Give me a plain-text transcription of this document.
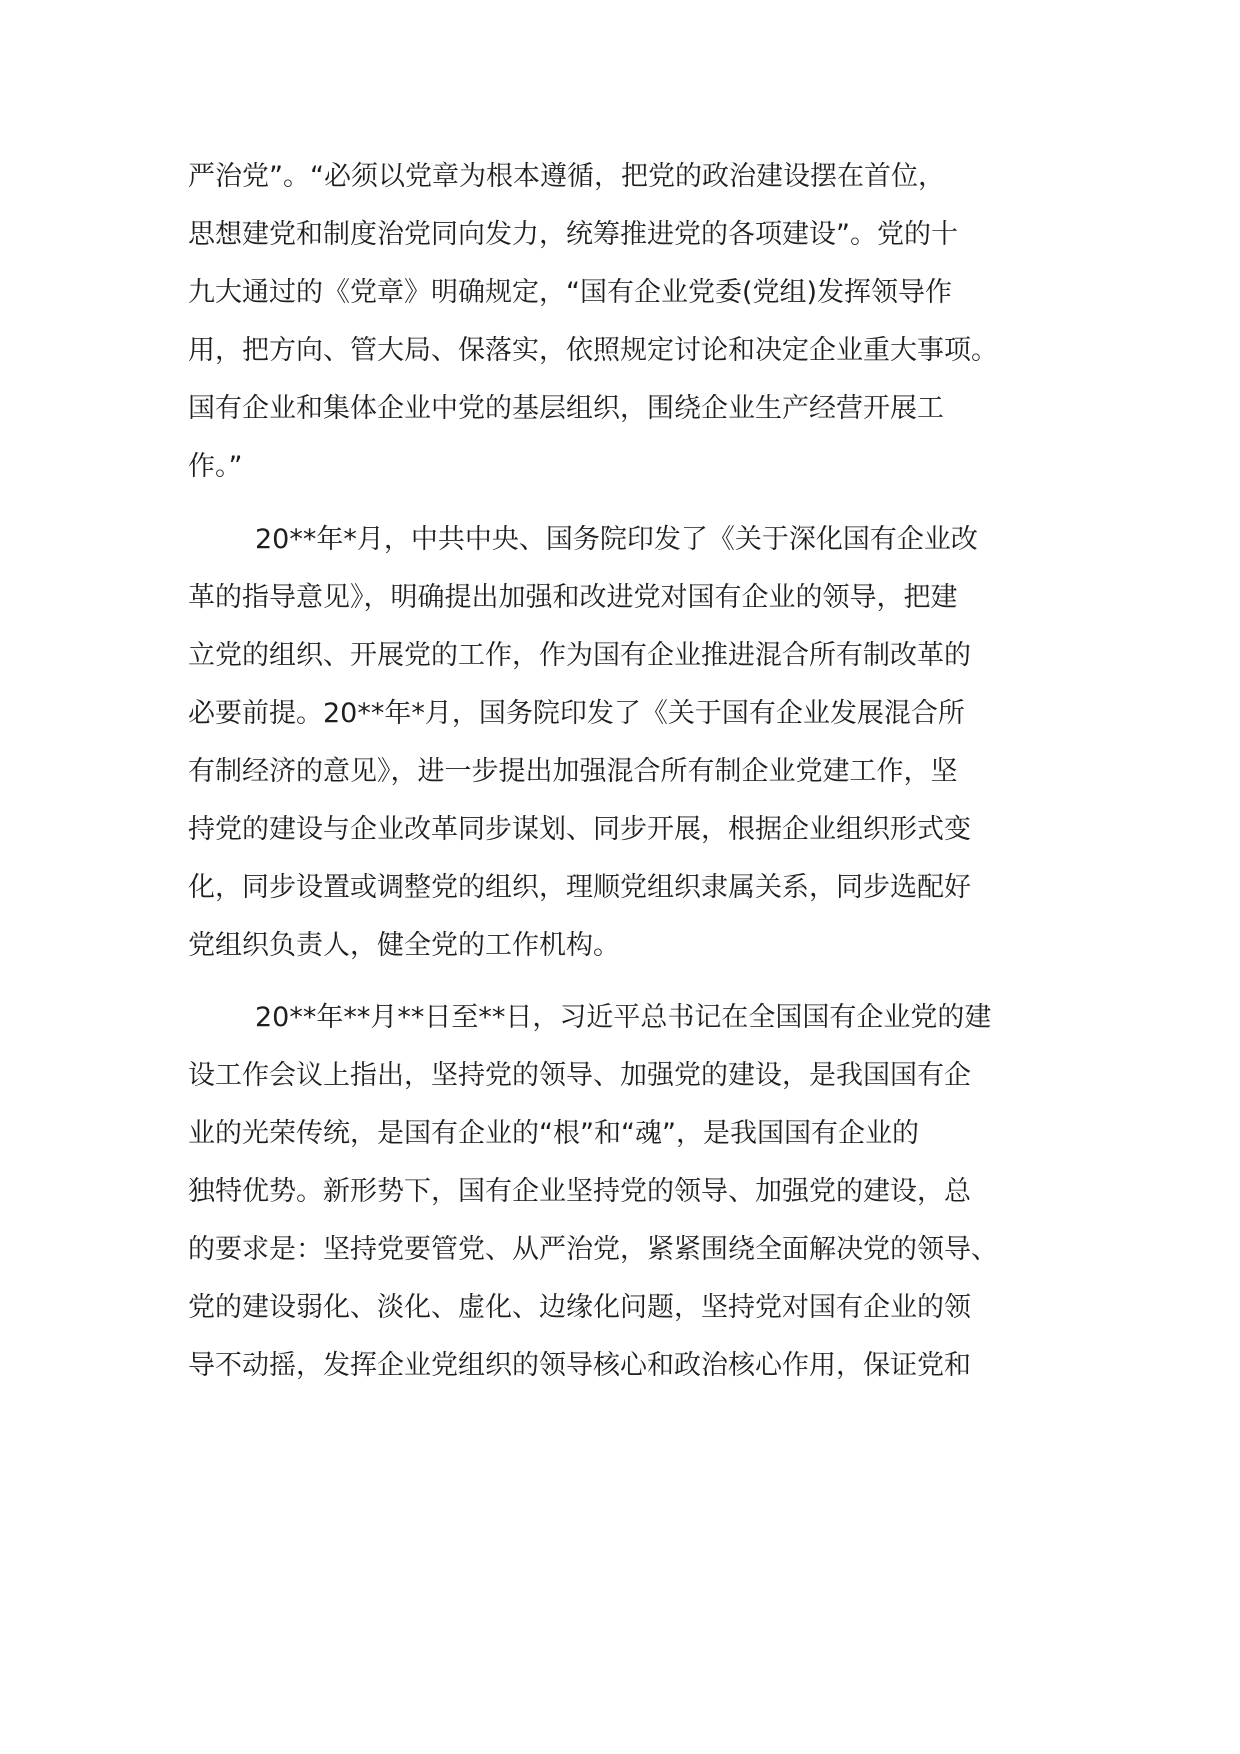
严治党”。“必须以党章为根本遵循，把党的政治建设摆在首位，
思想建党和制度治党同向发力，统筹推进党的各项建设”。党的十
九大通过的《党章》明确规定，“国有企业党委(党组)发挥领导作
用，把方向、管大局、保落实，依照规定讨论和决定企业重大事项。
国有企业和集体企业中党的基层组织，围绕企业生产经营开展工
作。”
20**年*月，中共中央、国务院印发了《关于深化国有企业改
革的指导意见》，明确提出加强和改进党对国有企业的领导，把建
立党的组织、开展党的工作，作为国有企业推进混合所有制改革的
必要前提。20**年*月，国务院印发了《关于国有企业发展混合所
有制经济的意见》，进一步提出加强混合所有制企业党建工作，坚
持党的建设与企业改革同步谋划、同步开展，根据企业组织形式变
化，同步设置或调整党的组织，理顺党组织隶属关系，同步选配好
党组织负责人，健全党的工作机构。
20**年**月**日至**日，习近平总书记在全国国有企业党的建
设工作会议上指出，坚持党的领导、加强党的建设，是我国国有企
业的光荣传统，是国有企业的“根”和“魂”，是我国国有企业的
独特优势。新形势下，国有企业坚持党的领导、加强党的建设，总
的要求是：坚持党要管党、从严治党，紧紧围绕全面解决党的领导、
党的建设弱化、淡化、虚化、边缘化问题，坚持党对国有企业的领
导不动摇，发挥企业党组织的领导核心和政治核心作用，保证党和
